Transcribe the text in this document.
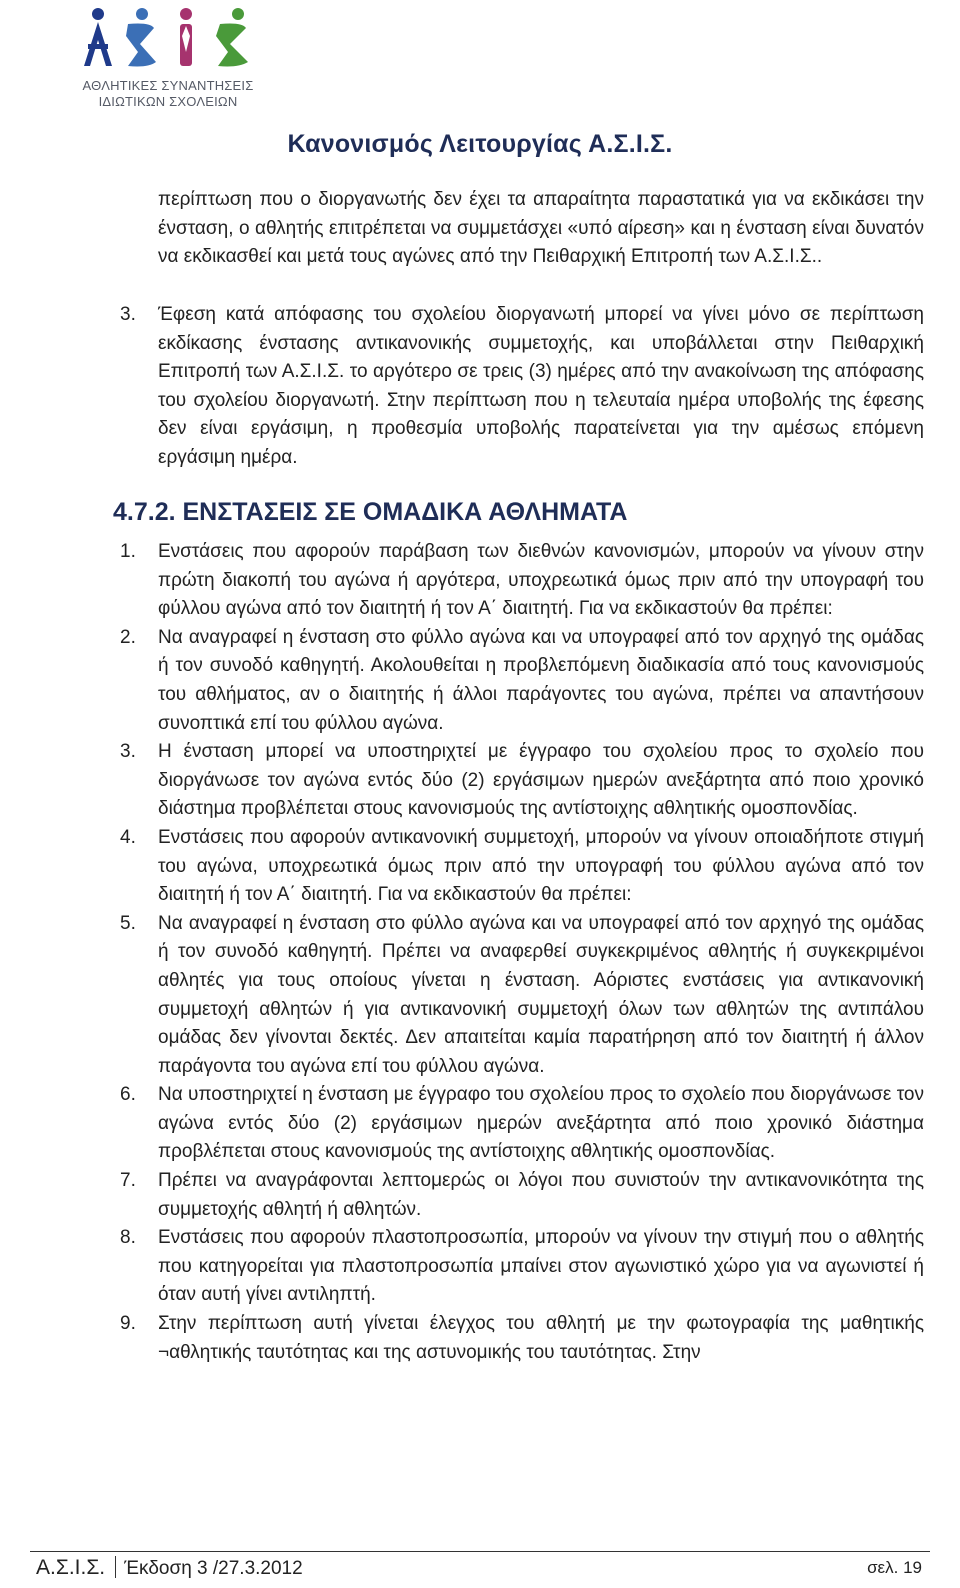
ΑΘΛΗΤΙΚΕΣ ΣΥΝΑΝΤΗΣΕΙΣ
ΙΔΙΩΤΙΚΩΝ ΣΧΟΛΕΙΩΝ
Κανονισμός Λειτουργίας Α.Σ.Ι.Σ.
περίπτωση που ο διοργανωτής δεν έχει τα απαραίτητα παραστατικά για να εκδικάσει την ένσταση, ο αθλητής επιτρέπεται να συμμετάσχει «υπό αίρεση» και η ένσταση είναι δυνατόν να εκδικασθεί και μετά τους αγώνες από την Πειθαρχική Επιτροπή των Α.Σ.Ι.Σ..
3.	Έφεση κατά απόφασης του σχολείου διοργανωτή μπορεί να γίνει μόνο σε περίπτωση εκδίκασης ένστασης αντικανονικής συμμετοχής, και υποβάλλεται στην Πειθαρχική Επιτροπή των Α.Σ.Ι.Σ. το αργότερο σε τρεις (3) ημέρες από την ανακοίνωση της απόφασης του σχολείου διοργανωτή. Στην περίπτωση που η τελευταία ημέρα υποβολής της έφεσης δεν είναι εργάσιμη, η προθεσμία υποβολής παρατείνεται για την αμέσως επόμενη εργάσιμη ημέρα.
4.7.2. ΕΝΣΤΑΣΕΙΣ ΣΕ ΟΜΑΔΙΚΑ ΑΘΛΗΜΑΤΑ
1.	Ενστάσεις που αφορούν παράβαση των διεθνών κανονισμών, μπορούν να γίνουν στην πρώτη διακοπή του αγώνα ή αργότερα, υποχρεωτικά όμως πριν από την υπογραφή του φύλλου αγώνα από τον διαιτητή ή τον Α΄ διαιτητή. Για να εκδικαστούν θα πρέπει:
2.	Να αναγραφεί η ένσταση στο φύλλο αγώνα και να υπογραφεί από τον αρχηγό της ομάδας ή τον συνοδό καθηγητή. Ακολουθείται η προβλεπόμενη διαδικασία από τους κανονισμούς του αθλήματος, αν ο διαιτητής ή άλλοι παράγοντες του αγώνα, πρέπει να απαντήσουν συνοπτικά επί του φύλλου αγώνα.
3.	Η ένσταση μπορεί να υποστηριχτεί με έγγραφο του σχολείου προς το σχολείο που διοργάνωσε τον αγώνα εντός δύο (2) εργάσιμων ημερών ανεξάρτητα από ποιο χρονικό διάστημα προβλέπεται στους κανονισμούς της αντίστοιχης αθλητικής ομοσπονδίας.
4.	Ενστάσεις που αφορούν αντικανονική συμμετοχή, μπορούν να γίνουν οποιαδήποτε στιγμή του αγώνα, υποχρεωτικά όμως πριν από την υπογραφή του φύλλου αγώνα από τον διαιτητή ή τον Α΄ διαιτητή. Για να εκδικαστούν θα πρέπει:
5.	Να αναγραφεί η ένσταση στο φύλλο αγώνα και να υπογραφεί από τον αρχηγό της ομάδας ή τον συνοδό καθηγητή. Πρέπει να αναφερθεί συγκεκριμένος αθλητής ή συγκεκριμένοι αθλητές για τους οποίους γίνεται η ένσταση. Αόριστες ενστάσεις για αντικανονική συμμετοχή αθλητών ή για αντικανονική συμμετοχή όλων των αθλητών της αντιπάλου ομάδας δεν γίνονται δεκτές. Δεν απαιτείται καμία παρατήρηση από τον διαιτητή ή άλλον παράγοντα του αγώνα επί του φύλλου αγώνα.
6.	Να υποστηριχτεί η ένσταση με έγγραφο του σχολείου προς το σχολείο που διοργάνωσε τον αγώνα εντός δύο (2) εργάσιμων ημερών ανεξάρτητα από ποιο χρονικό διάστημα προβλέπεται στους κανονισμούς της αντίστοιχης αθλητικής ομοσπονδίας.
7.	Πρέπει να αναγράφονται λεπτομερώς οι λόγοι που συνιστούν την αντικανονικότητα της συμμετοχής αθλητή ή αθλητών.
8.	Ενστάσεις που αφορούν πλαστοπροσωπία, μπορούν να γίνουν την στιγμή που ο αθλητής που κατηγορείται για πλαστοπροσωπία μπαίνει στον αγωνιστικό χώρο για να αγωνιστεί ή όταν αυτή γίνει αντιληπτή.
9.	Στην περίπτωση αυτή γίνεται έλεγχος του αθλητή με την φωτογραφία της μαθητικής ¬αθλητικής ταυτότητας και της αστυνομικής του ταυτότητας. Στην
Α.Σ.Ι.Σ. Έκδοση 3 /27.3.2012	σελ. 19
